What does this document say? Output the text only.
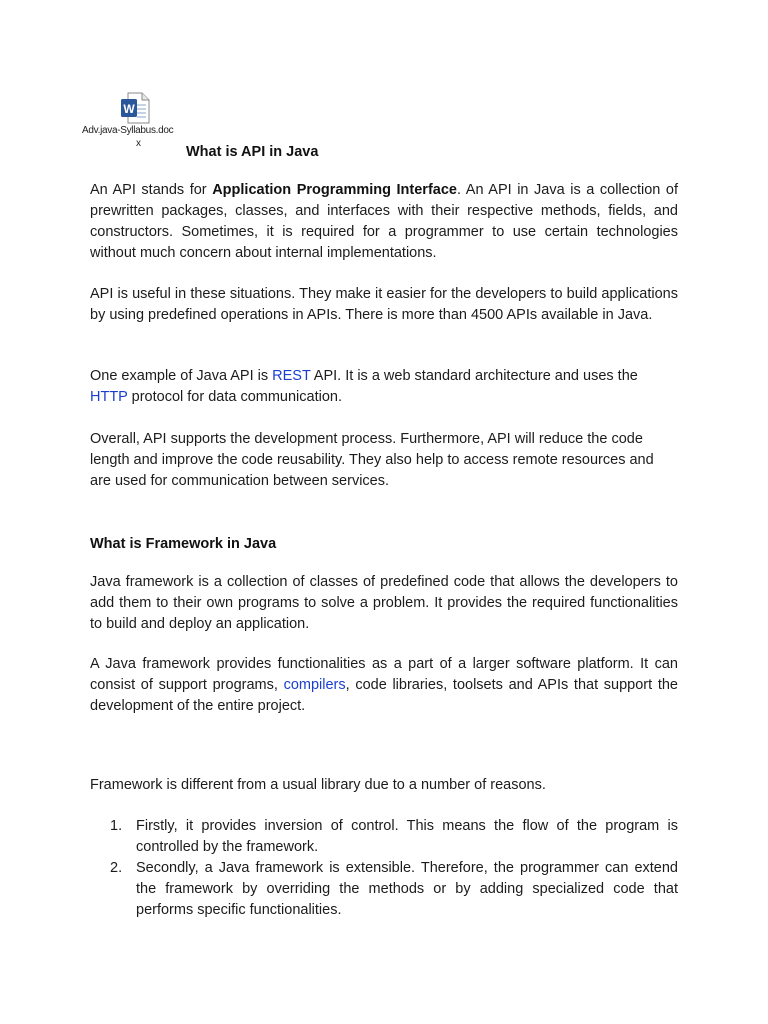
W
Adv.java-Syllabus.doc
x
What is API in Java

An API stands for Application Programming Interface. An API in Java is a collection of prewritten packages, classes, and interfaces with their respective methods, fields, and constructors. Sometimes, it is required for a programmer to use certain technologies without much concern about internal implementations.

API is useful in these situations. They make it easier for the developers to build applications by using predefined operations in APIs. There is more than 4500 APIs available in Java.

One example of Java API is REST API. It is a web standard architecture and uses the
HTTP protocol for data communication.

Overall, API supports the development process. Furthermore, API will reduce the code length and improve the code reusability. They also help to access remote resources and are used for communication between services.

What is Framework in Java

Java framework is a collection of classes of predefined code that allows the developers to add them to their own programs to solve a problem. It provides the required functionalities to build and deploy an application.

A Java framework provides functionalities as a part of a larger software platform. It can consist of support programs, compilers, code libraries, toolsets and APIs that support the development of the entire project.

Framework is different from a usual library due to a number of reasons.

1. Firstly, it provides inversion of control. This means the flow of the program is controlled by the framework.
2. Secondly, a Java framework is extensible. Therefore, the programmer can extend the framework by overriding the methods or by adding specialized code that performs specific functionalities.
